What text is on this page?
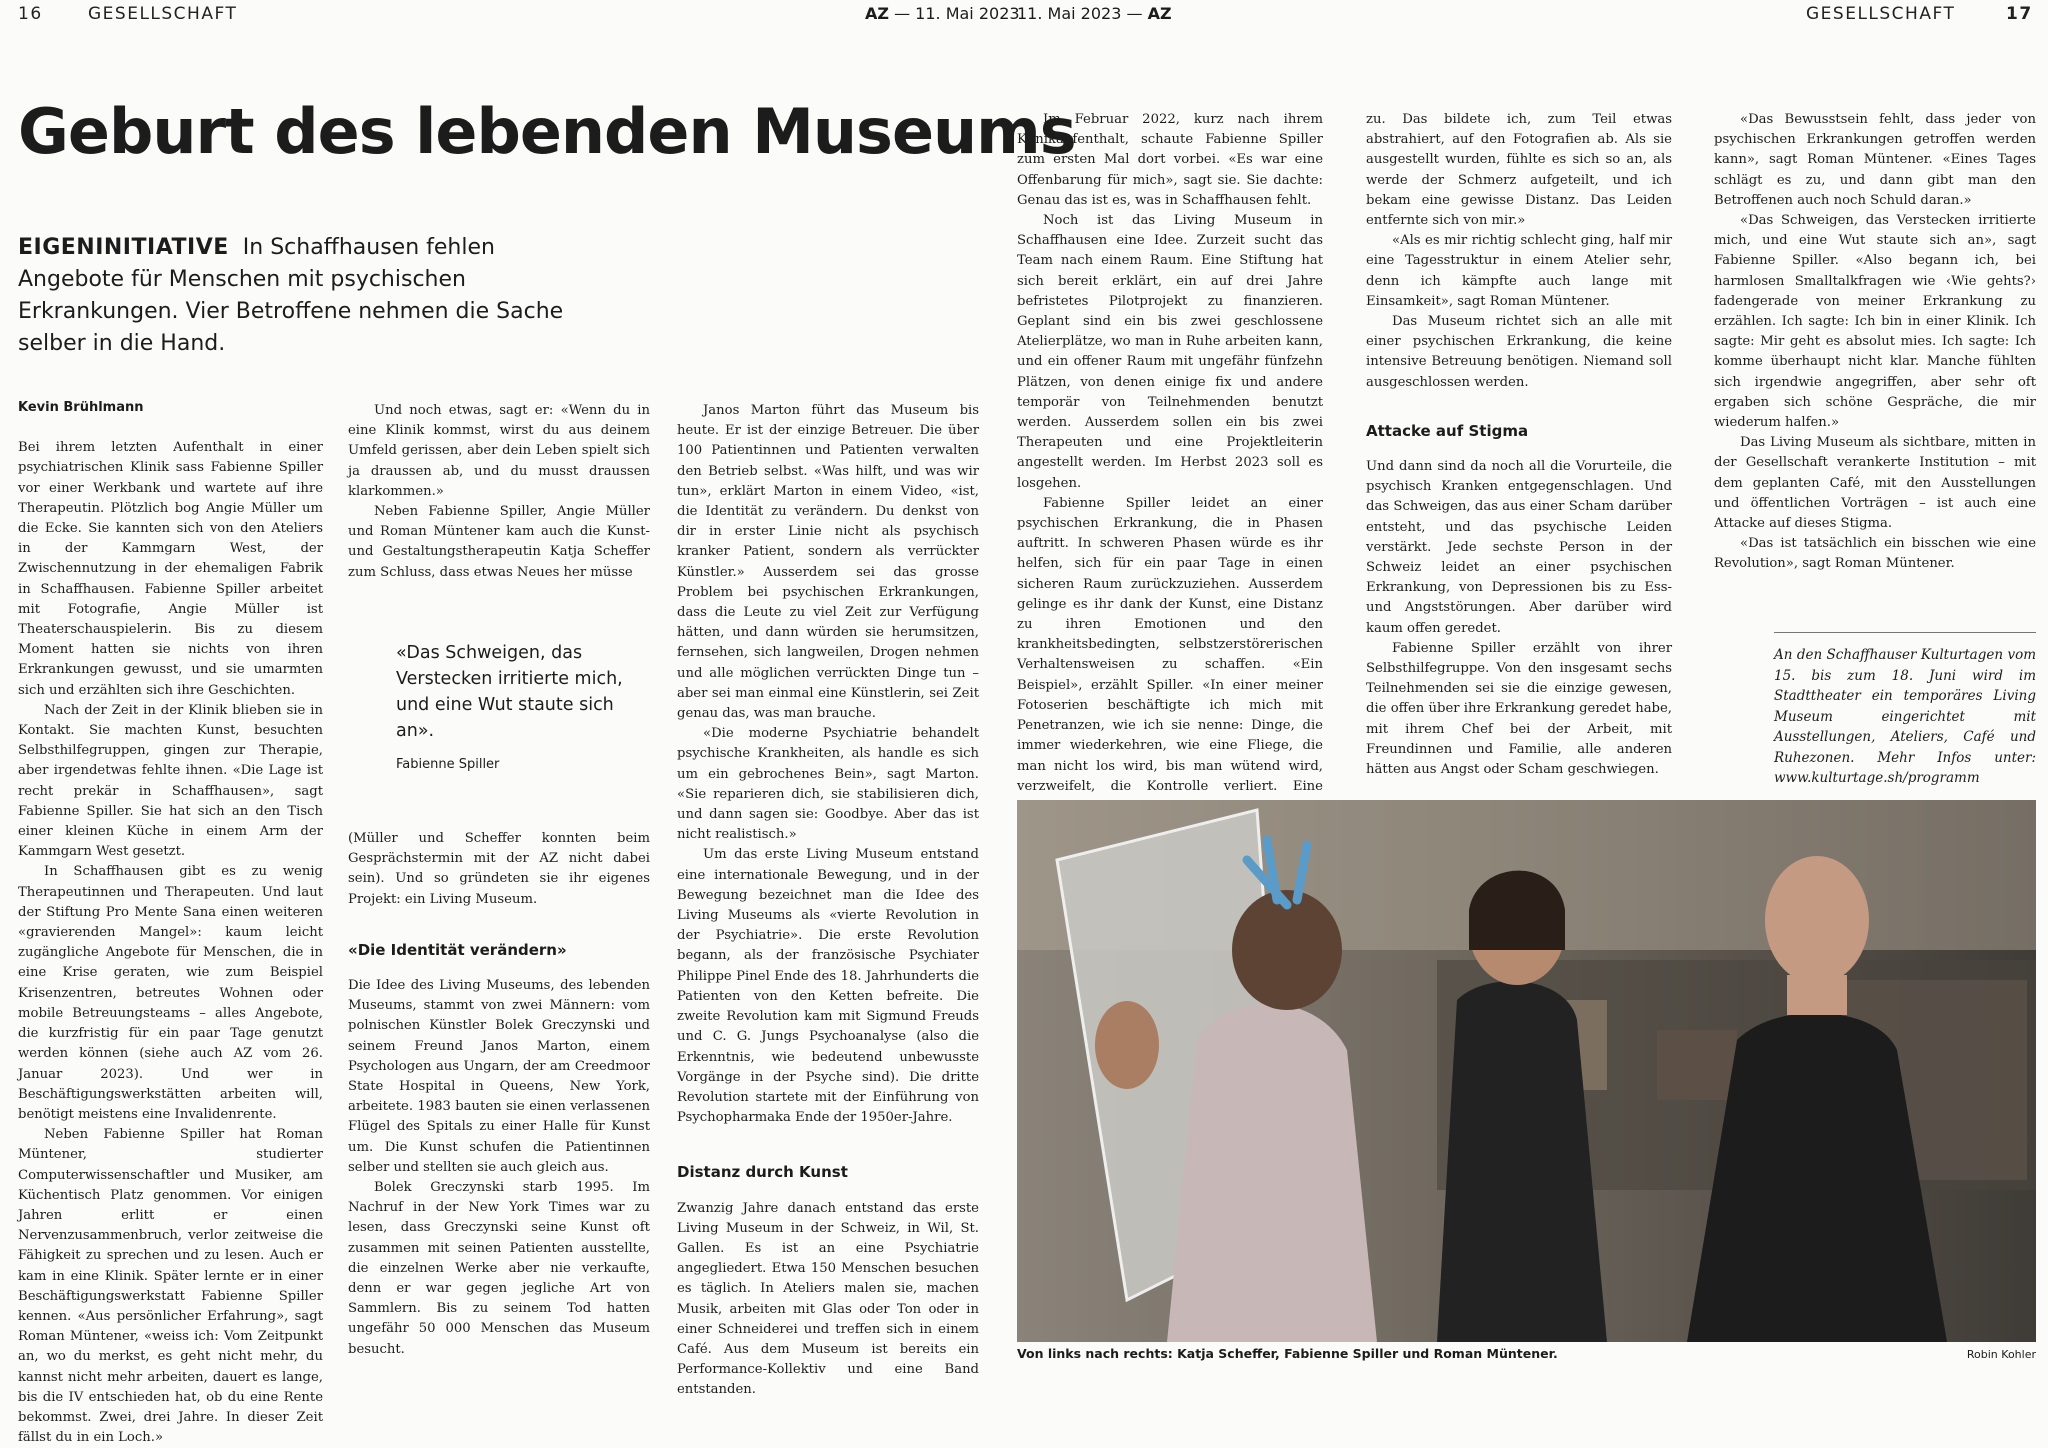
16	GESELLSCHAFT	AZ — 11. Mai 2023
11. Mai 2023 — AZ	GESELLSCHAFT	17
Geburt des lebenden Museums
EIGENINITIATIVE In Schaffhausen fehlen Angebote für Menschen mit psychischen Erkrankungen. Vier Betroffene nehmen die Sache selber in die Hand.
Kevin Brühlmann

Bei ihrem letzten Aufenthalt in einer psychiatrischen Klinik sass Fabienne Spiller vor einer Werkbank und wartete auf ihre Therapeutin. Plötzlich bog Angie Müller um die Ecke. Sie kannten sich von den Ateliers in der Kammgarn West, der Zwischennutzung in der ehemaligen Fabrik in Schaffhausen. Fabienne Spiller arbeitet mit Fotografie, Angie Müller ist Theaterschauspielerin. Bis zu diesem Moment hatten sie nichts von ihren Erkrankungen gewusst, und sie umarmten sich und erzählten sich ihre Geschichten.

Nach der Zeit in der Klinik blieben sie in Kontakt. Sie machten Kunst, besuchten Selbsthilfegruppen, gingen zur Therapie, aber irgendetwas fehlte ihnen. «Die Lage ist recht prekär in Schaffhausen», sagt Fabienne Spiller. Sie hat sich an den Tisch einer kleinen Küche in einem Arm der Kammgarn West gesetzt.

In Schaffhausen gibt es zu wenig Therapeutinnen und Therapeuten. Und laut der Stiftung Pro Mente Sana einen weiteren «gravierenden Mangel»: kaum leicht zugängliche Angebote für Menschen, die in eine Krise geraten, wie zum Beispiel Krisenzentren, betreutes Wohnen oder mobile Betreuungsteams – alles Angebote, die kurzfristig für ein paar Tage genutzt werden können (siehe auch AZ vom 26. Januar 2023). Und wer in Beschäftigungswerkstätten arbeiten will, benötigt meistens eine Invalidenrente.

Neben Fabienne Spiller hat Roman Müntener, studierter Computerwissenschaftler und Musiker, am Küchentisch Platz genommen. Vor einigen Jahren erlitt er einen Nervenzusammenbruch, verlor zeitweise die Fähigkeit zu sprechen und zu lesen. Auch er kam in eine Klinik. Später lernte er in einer Beschäftigungswerkstatt Fabienne Spiller kennen. «Aus persönlicher Erfahrung», sagt Roman Müntener, «weiss ich: Vom Zeitpunkt an, wo du merkst, es geht nicht mehr, du kannst nicht mehr arbeiten, dauert es lange, bis die IV entschieden hat, ob du eine Rente bekommst. Zwei, drei Jahre. In dieser Zeit fällst du in ein Loch.»

Und noch etwas, sagt er: «Wenn du in eine Klinik kommst, wirst du aus deinem Umfeld gerissen, aber dein Leben spielt sich ja draussen ab, und du musst draussen klarkommen.»

Neben Fabienne Spiller, Angie Müller und Roman Müntener kam auch die Kunst- und Gestaltungstherapeutin Katja Scheffer zum Schluss, dass etwas Neues her müsse

«Das Schweigen, das Verstecken irritierte mich, und eine Wut staute sich an».
Fabienne Spiller

(Müller und Scheffer konnten beim Gesprächstermin mit der AZ nicht dabei sein). Und so gründeten sie ihr eigenes Projekt: ein Living Museum.

«Die Identität verändern»

Die Idee des Living Museums, des lebenden Museums, stammt von zwei Männern: vom polnischen Künstler Bolek Greczynski und seinem Freund Janos Marton, einem Psychologen aus Ungarn, der am Creedmoor State Hospital in Queens, New York, arbeitete. 1983 bauten sie einen verlassenen Flügel des Spitals zu einer Halle für Kunst um. Die Kunst schufen die Patientinnen selber und stellten sie auch gleich aus.

Bolek Greczynski starb 1995. Im Nachruf in der New York Times war zu lesen, dass Greczynski seine Kunst oft zusammen mit seinen Patienten ausstellte, die einzelnen Werke aber nie verkaufte, denn er war gegen jegliche Art von Sammlern. Bis zu seinem Tod hatten ungefähr 50 000 Menschen das Museum besucht.

Janos Marton führt das Museum bis heute. Er ist der einzige Betreuer. Die über 100 Patientinnen und Patienten verwalten den Betrieb selbst. «Was hilft, und was wir tun», erklärt Marton in einem Video, «ist, die Identität zu verändern. Du denkst von dir in erster Linie nicht als psychisch kranker Patient, sondern als verrückter Künstler.» Ausserdem sei das grosse Problem bei psychischen Erkrankungen, dass die Leute zu viel Zeit zur Verfügung hätten, und dann würden sie herumsitzen, fernsehen, sich langweilen, Drogen nehmen und alle möglichen verrückten Dinge tun – aber sei man einmal eine Künstlerin, sei Zeit genau das, was man brauche.

«Die moderne Psychiatrie behandelt psychische Krankheiten, als handle es sich um ein gebrochenes Bein», sagt Marton. «Sie reparieren dich, sie stabilisieren dich, und dann sagen sie: Goodbye. Aber das ist nicht realistisch.»

Um das erste Living Museum entstand eine internationale Bewegung, und in der Bewegung bezeichnet man die Idee des Living Museums als «vierte Revolution in der Psychiatrie». Die erste Revolution begann, als der französische Psychiater Philippe Pinel Ende des 18. Jahrhunderts die Patienten von den Ketten befreite. Die zweite Revolution kam mit Sigmund Freuds und C. G. Jungs Psychoanalyse (also die Erkenntnis, wie bedeutend unbewusste Vorgänge in der Psyche sind). Die dritte Revolution startete mit der Einführung von Psychopharmaka Ende der 1950er-Jahre.

Distanz durch Kunst

Zwanzig Jahre danach entstand das erste Living Museum in der Schweiz, in Wil, St. Gallen. Es ist an eine Psychiatrie angegliedert. Etwa 150 Menschen besuchen es täglich. In Ateliers malen sie, machen Musik, arbeiten mit Glas oder Ton oder in einer Schneiderei und treffen sich in einem Café. Aus dem Museum ist bereits ein Performance-Kollektiv und eine Band entstanden.

Im Februar 2022, kurz nach ihrem Klinikaufenthalt, schaute Fabienne Spiller zum ersten Mal dort vorbei. «Es war eine Offenbarung für mich», sagt sie. Sie dachte: Genau das ist es, was in Schaffhausen fehlt.

Noch ist das Living Museum in Schaffhausen eine Idee. Zurzeit sucht das Team nach einem Raum. Eine Stiftung hat sich bereit erklärt, ein auf drei Jahre befristetes Pilotprojekt zu finanzieren. Geplant sind ein bis zwei geschlossene Atelierplätze, wo man in Ruhe arbeiten kann, und ein offener Raum mit ungefähr fünfzehn Plätzen, von denen einige fix und andere temporär von Teilnehmenden benutzt werden. Ausserdem sollen ein bis zwei Therapeuten und eine Projektleiterin angestellt werden. Im Herbst 2023 soll es losgehen.

Fabienne Spiller leidet an einer psychischen Erkrankung, die in Phasen auftritt. In schweren Phasen würde es ihr helfen, sich für ein paar Tage in einen sicheren Raum zurückzuziehen. Ausserdem gelinge es ihr dank der Kunst, eine Distanz zu ihren Emotionen und den krankheitsbedingten, selbstzerstörerischen Verhaltensweisen zu schaffen. «Ein Beispiel», erzählt Spiller. «In einer meiner Fotoserien beschäftigte ich mich mit Penetranzen, wie ich sie nenne: Dinge, die immer wiederkehren, wie eine Fliege, die man nicht los wird, bis man wütend wird, verzweifelt, die Kontrolle verliert. Eine

zu. Das bildete ich, zum Teil etwas abstrahiert, auf den Fotografien ab. Als sie ausgestellt wurden, fühlte es sich so an, als werde der Schmerz aufgeteilt, und ich bekam eine gewisse Distanz. Das Leiden entfernte sich von mir.»

«Als es mir richtig schlecht ging, half mir eine Tagesstruktur in einem Atelier sehr, denn ich kämpfte auch lange mit Einsamkeit», sagt Roman Müntener.

Das Museum richtet sich an alle mit einer psychischen Erkrankung, die keine intensive Betreuung benötigen. Niemand soll ausgeschlossen werden.

Attacke auf Stigma

Und dann sind da noch all die Vorurteile, die psychisch Kranken entgegenschlagen. Und das Schweigen, das aus einer Scham darüber entsteht, und das psychische Leiden verstärkt. Jede sechste Person in der Schweiz leidet an einer psychischen Erkrankung, von Depressionen bis zu Ess- und Angststörungen. Aber darüber wird kaum offen geredet.

Fabienne Spiller erzählt von ihrer Selbsthilfegruppe. Von den insgesamt sechs Teilnehmenden sei sie die einzige gewesen, die offen über ihre Erkrankung geredet habe, mit ihrem Chef bei der Arbeit, mit Freundinnen und Familie, alle anderen hätten aus Angst oder Scham geschwiegen.

«Das Bewusstsein fehlt, dass jeder von psychischen Erkrankungen getroffen werden kann», sagt Roman Müntener. «Eines Tages schlägt es zu, und dann gibt man den Betroffenen auch noch Schuld daran.»

«Das Schweigen, das Verstecken irritierte mich, und eine Wut staute sich an», sagt Fabienne Spiller. «Also begann ich, bei harmlosen Smalltalkfragen wie ‹Wie gehts?› fadengerade von meiner Erkrankung zu erzählen. Ich sagte: Ich bin in einer Klinik. Ich sagte: Mir geht es absolut mies. Ich sagte: Ich komme überhaupt nicht klar. Manche fühlten sich irgendwie angegriffen, aber sehr oft ergaben sich schöne Gespräche, die mir wiederum halfen.»

Das Living Museum als sichtbare, mitten in der Gesellschaft verankerte Institution – mit dem geplanten Café, mit den Ausstellungen und öffentlichen Vorträgen – ist auch eine Attacke auf dieses Stigma.

«Das ist tatsächlich ein bisschen wie eine Revolution», sagt Roman Müntener.

An den Schaffhauser Kulturtagen vom 15. bis zum 18. Juni wird im Stadttheater ein temporäres Living Museum eingerichtet mit Ausstellungen, Ateliers, Café und Ruhezonen. Mehr Infos unter: www.kulturtage.sh/programm
Von links nach rechts: Katja Scheffer, Fabienne Spiller und Roman Müntener.	Robin Kohler
